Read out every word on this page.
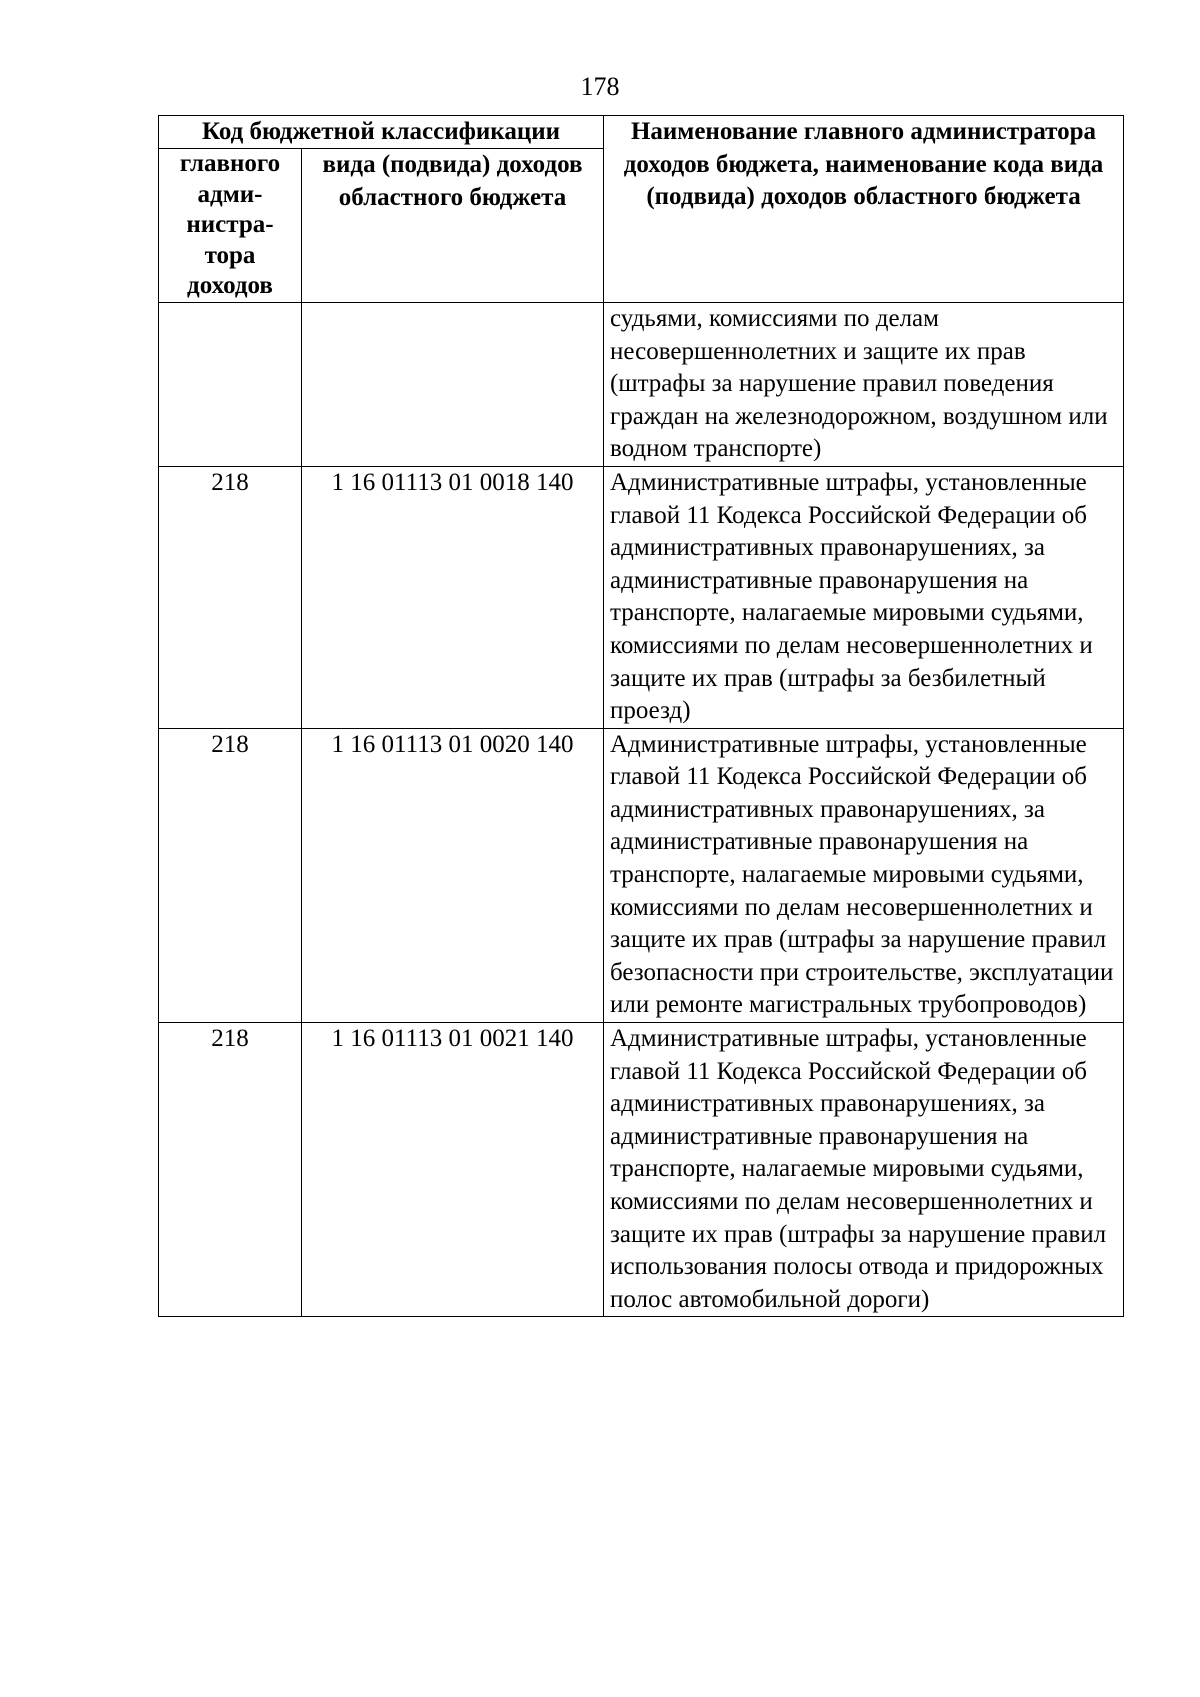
178
Код бюджетной классификации		Наименование главного администратора доходов бюджета, наименование кода вида (подвида) доходов областного бюджета
главного адми-нистра-тора доходов	вида (подвида) доходов областного бюджета	
		судьями, комиссиями по делам несовершеннолетних и защите их прав (штрафы за нарушение правил поведения граждан на железнодорожном, воздушном или водном транспорте)
218	1 16 01113 01 0018 140	Административные штрафы, установленные главой 11 Кодекса Российской Федерации об административных правонарушениях, за административные правонарушения на транспорте, налагаемые мировыми судьями, комиссиями по делам несовершеннолетних и защите их прав (штрафы за безбилетный проезд)
218	1 16 01113 01 0020 140	Административные штрафы, установленные главой 11 Кодекса Российской Федерации об административных правонарушениях, за административные правонарушения на транспорте, налагаемые мировыми судьями, комиссиями по делам несовершеннолетних и защите их прав (штрафы за нарушение правил безопасности при строительстве, эксплуатации или ремонте магистральных трубопроводов)
218	1 16 01113 01 0021 140	Административные штрафы, установленные главой 11 Кодекса Российской Федерации об административных правонарушениях, за административные правонарушения на транспорте, налагаемые мировыми судьями, комиссиями по делам несовершеннолетних и защите их прав (штрафы за нарушение правил использования полосы отвода и придорожных полос автомобильной дороги)
